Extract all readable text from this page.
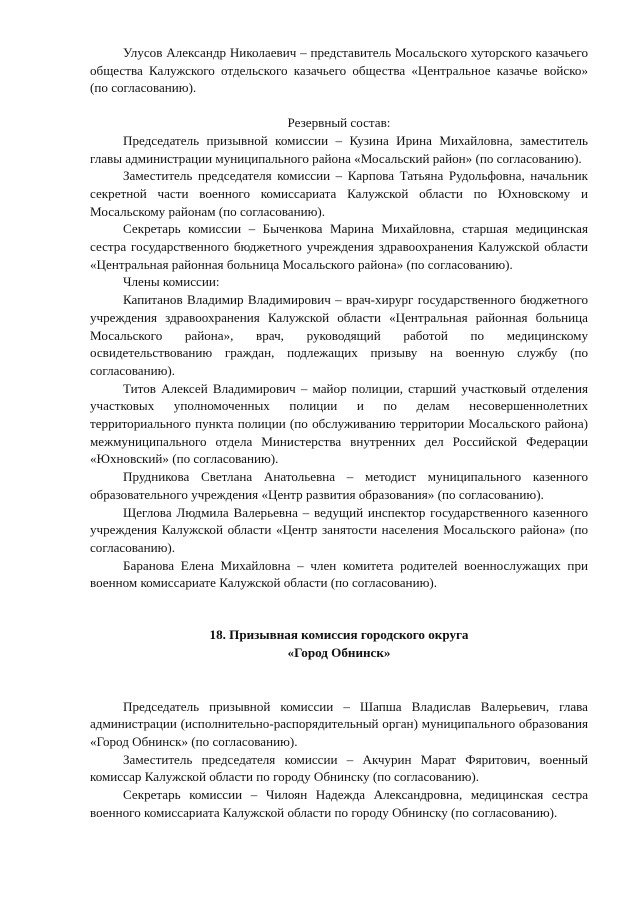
Улусов Александр Николаевич – представитель Мосальского хуторского казачьего общества Калужского отдельского казачьего общества «Центральное казачье войско» (по согласованию).

Резервный состав:

Председатель призывной комиссии – Кузина Ирина Михайловна, заместитель главы администрации муниципального района «Мосальский район» (по согласованию).

Заместитель председателя комиссии – Карпова Татьяна Рудольфовна, начальник секретной части военного комиссариата Калужской области по Юхновскому и Мосальскому районам (по согласованию).

Секретарь комиссии – Быченкова Марина Михайловна, старшая медицинская сестра государственного бюджетного учреждения здравоохранения Калужской области «Центральная районная больница Мосальского района» (по согласованию).

Члены комиссии:

Капитанов Владимир Владимирович – врач-хирург государственного бюджетного учреждения здравоохранения Калужской области «Центральная районная больница Мосальского района», врач, руководящий работой по медицинскому освидетельствованию граждан, подлежащих призыву на военную службу (по согласованию).

Титов Алексей Владимирович – майор полиции, старший участковый отделения участковых уполномоченных полиции и по делам несовершеннолетних территориального пункта полиции (по обслуживанию территории Мосальского района) межмуниципального отдела Министерства внутренних дел Российской Федерации «Юхновский» (по согласованию).

Прудникова Светлана Анатольевна – методист муниципального казенного образовательного учреждения «Центр развития образования» (по согласованию).

Щеглова Людмила Валерьевна – ведущий инспектор государственного казенного учреждения Калужской области «Центр занятости населения Мосальского района» (по согласованию).

Баранова Елена Михайловна – член комитета родителей военнослужащих при военном комиссариате Калужской области (по согласованию).

18. Призывная комиссия городского округа

«Город Обнинск»

Председатель призывной комиссии – Шапша Владислав Валерьевич, глава администрации (исполнительно-распорядительный орган) муниципального образования «Город Обнинск» (по согласованию).

Заместитель председателя комиссии – Акчурин Марат Фяритович, военный комиссар Калужской области по городу Обнинску (по согласованию).

Секретарь комиссии – Чилоян Надежда Александровна, медицинская сестра военного комиссариата Калужской области по городу Обнинску (по согласованию).
